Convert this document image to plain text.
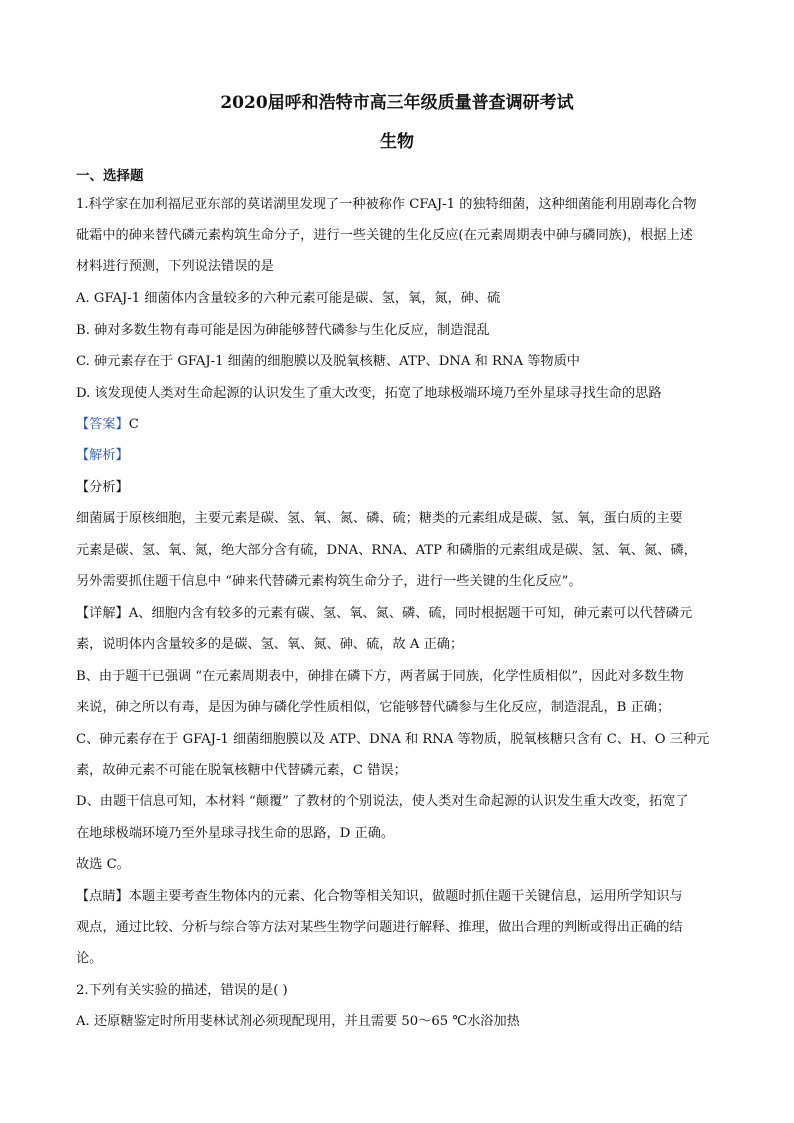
2020届呼和浩特市高三年级质量普查调研考试
生物
一、选择题
1.科学家在加利福尼亚东部的莫诺湖里发现了一种被称作 CFAJ-1 的独特细菌，这种细菌能利用剧毒化合物
砒霜中的砷来替代磷元素构筑生命分子，进行一些关键的生化反应(在元素周期表中砷与磷同族)，根据上述
材料进行预测，下列说法错误的是
A. GFAJ-1 细菌体内含量较多的六种元素可能是碳、氢，氧，氮，砷、硫
B. 砷对多数生物有毒可能是因为砷能够替代磷参与生化反应，制造混乱
C. 砷元素存在于 GFAJ-1 细菌的细胞膜以及脱氧核糖、ATP、DNA 和 RNA 等物质中
D. 该发现使人类对生命起源的认识发生了重大改变，拓宽了地球极端环境乃至外星球寻找生命的思路
【答案】C
【解析】
【分析】
细菌属于原核细胞，主要元素是碳、氢、氧、氮、磷、硫；糖类的元素组成是碳、氢、氧，蛋白质的主要
元素是碳、氢、氧、氮，绝大部分含有硫，DNA、RNA、ATP 和磷脂的元素组成是碳、氢、氧、氮、磷，
另外需要抓住题干信息中 “砷来代替磷元素构筑生命分子，进行一些关键的生化反应”。
【详解】A、细胞内含有较多的元素有碳、氢、氧、氮、磷、硫，同时根据题干可知，砷元素可以代替磷元
素，说明体内含量较多的是碳、氢、氧、氮、砷、硫，故 A 正确；
B、由于题干已强调 “在元素周期表中，砷排在磷下方，两者属于同族，化学性质相似”，因此对多数生物
来说，砷之所以有毒，是因为砷与磷化学性质相似，它能够替代磷参与生化反应，制造混乱，B 正确；
C、砷元素存在于 GFAJ-1 细菌细胞膜以及 ATP、DNA 和 RNA 等物质，脱氧核糖只含有 C、H、O 三种元
素，故砷元素不可能在脱氧核糖中代替磷元素，C 错误；
D、由题干信息可知，本材料 “颠覆” 了教材的个别说法，使人类对生命起源的认识发生重大改变，拓宽了
在地球极端环境乃至外星球寻找生命的思路，D 正确。
故选 C。
【点睛】本题主要考查生物体内的元素、化合物等相关知识，做题时抓住题干关键信息，运用所学知识与
观点，通过比较、分析与综合等方法对某些生物学问题进行解释、推理，做出合理的判断或得出正确的结
论。
2.下列有关实验的描述，错误的是( )
A. 还原糖鉴定时所用斐林试剂必须现配现用，并且需要 50～65 ℃水浴加热
